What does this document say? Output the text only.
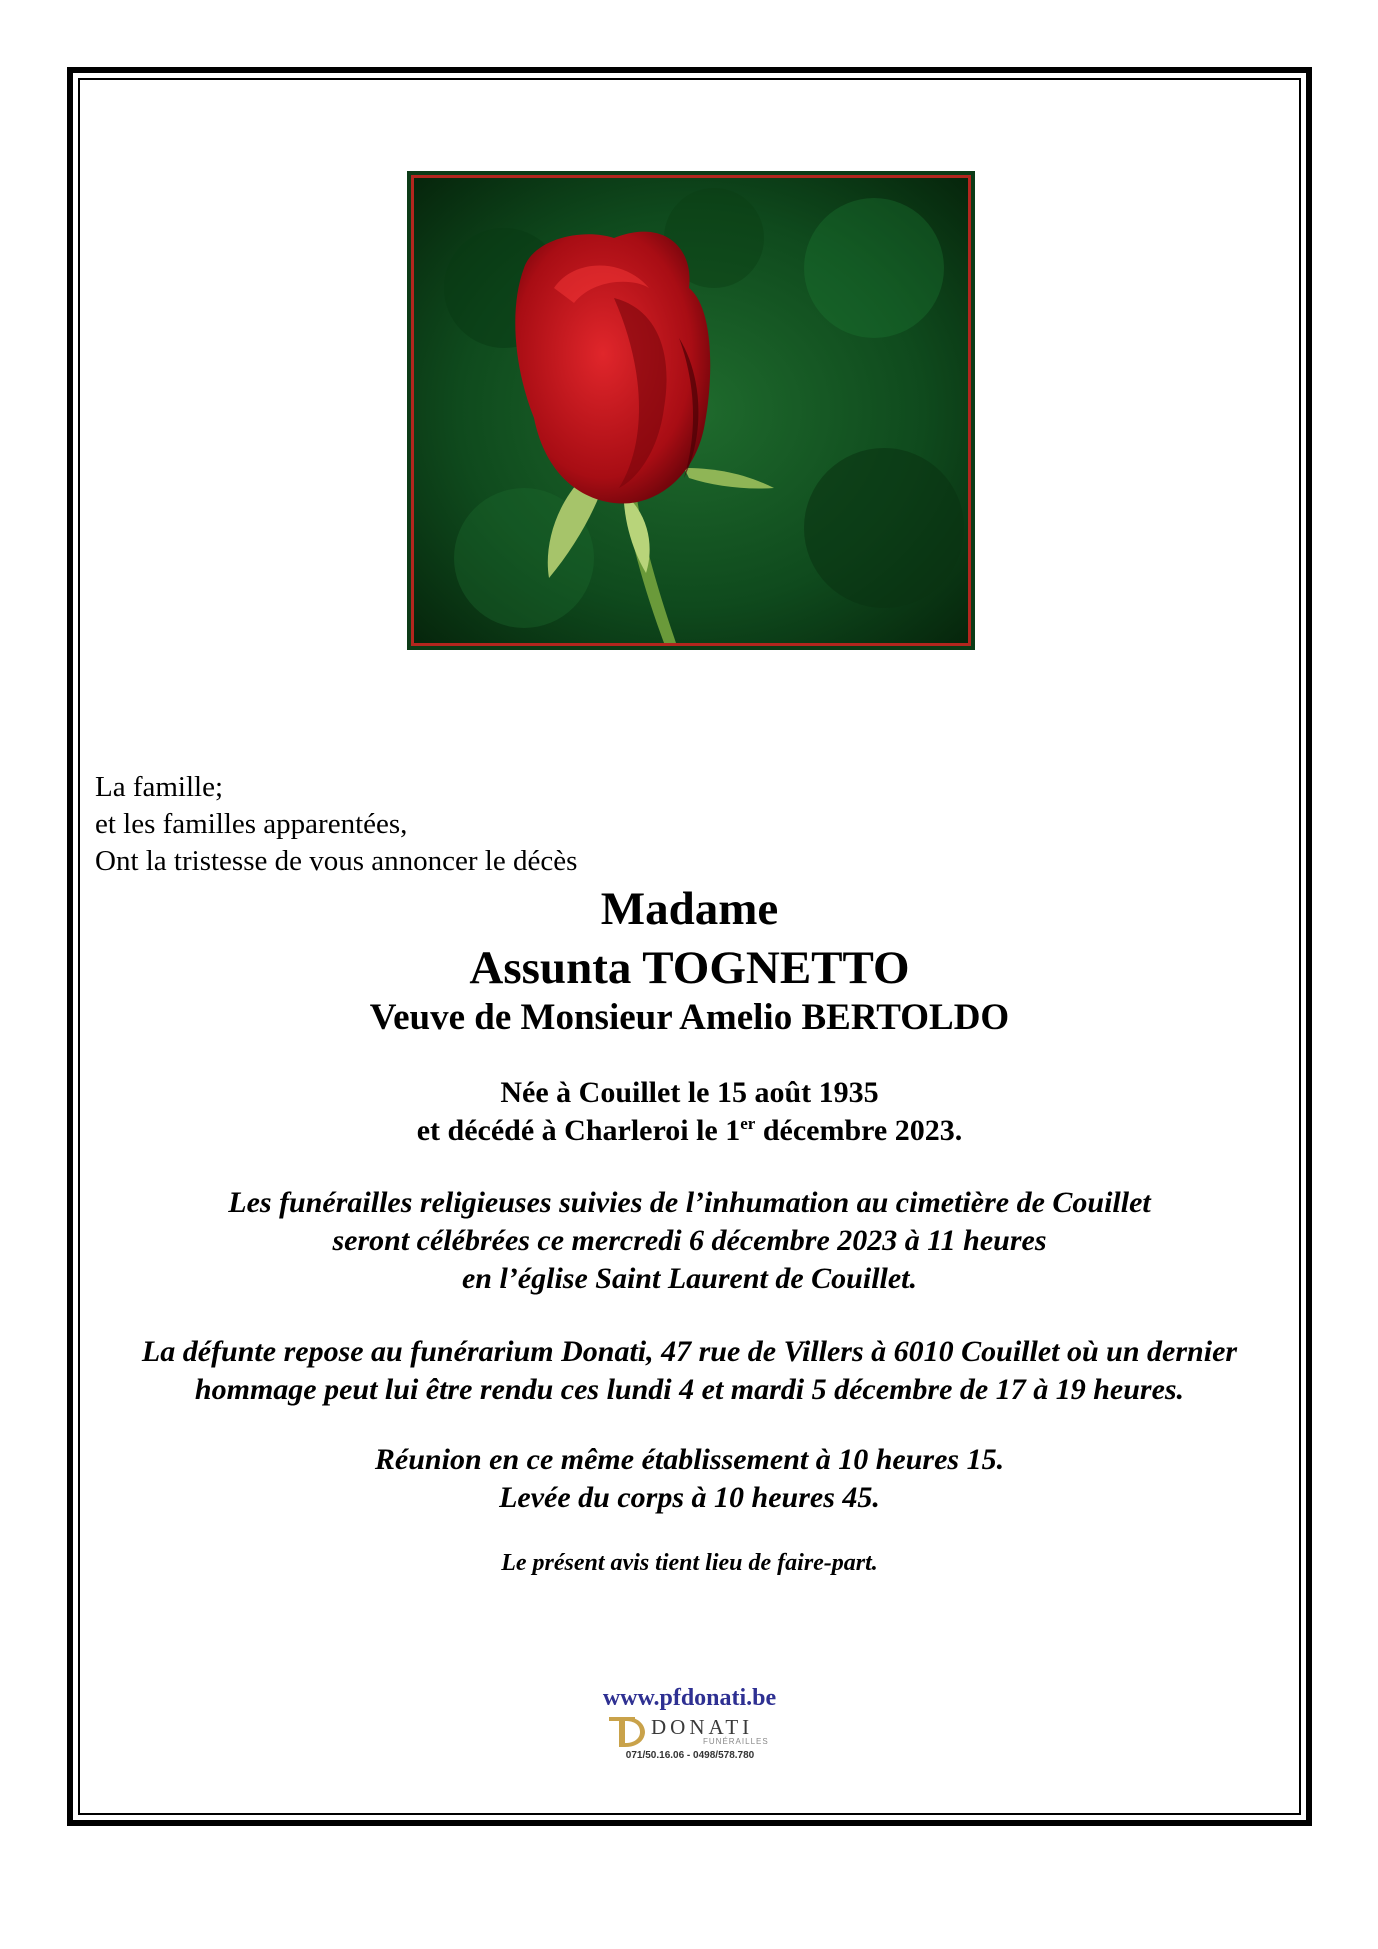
La famille;
et les familles apparentées,
Ont la tristesse de vous annoncer le décès
Madame
Assunta TOGNETTO
Veuve de Monsieur Amelio BERTOLDO
Née à Couillet le 15 août 1935
et décédé à Charleroi le 1er décembre 2023.
Les funérailles religieuses suivies de l’inhumation au cimetière de Couillet
seront célébrées ce mercredi 6 décembre 2023 à 11 heures
en l’église Saint Laurent de Couillet.
La défunte repose au funérarium Donati, 47 rue de Villers à 6010 Couillet où un dernier
hommage peut lui être rendu ces lundi 4 et mardi 5 décembre de 17 à 19 heures.
Réunion en ce même établissement à 10 heures 15.
Levée du corps à 10 heures 45.
Le présent avis tient lieu de faire-part.
www.pfdonati.be
DONATI
FUNÉRAILLES
071/50.16.06 - 0498/578.780
